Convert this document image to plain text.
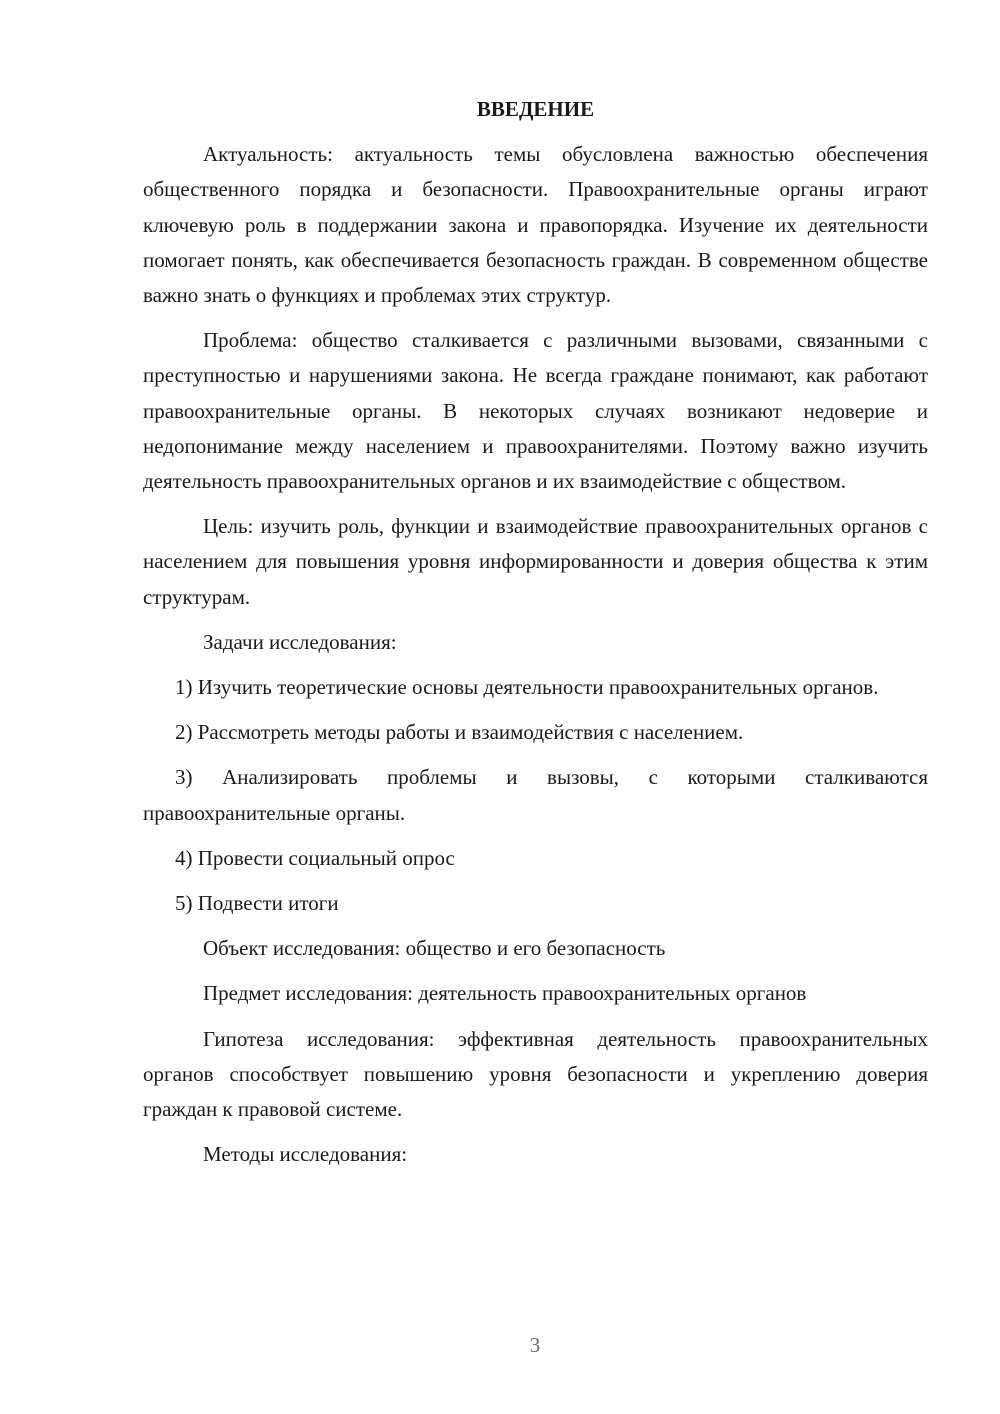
ВВЕДЕНИЕ

Актуальность: актуальность темы обусловлена важностью обеспечения общественного порядка и безопасности. Правоохранительные органы играют ключевую роль в поддержании закона и правопорядка. Изучение их деятельности помогает понять, как обеспечивается безопасность граждан. В современном обществе важно знать о функциях и проблемах этих структур.

Проблема: общество сталкивается с различными вызовами, связанными с преступностью и нарушениями закона. Не всегда граждане понимают, как работают правоохранительные органы. В некоторых случаях возникают недоверие и недопонимание между населением и правоохранителями. Поэтому важно изучить деятельность правоохранительных органов и их взаимодействие с обществом.

Цель: изучить роль, функции и взаимодействие правоохранительных органов с населением для повышения уровня информированности и доверия общества к этим структурам.

Задачи исследования:

1) Изучить теоретические основы деятельности правоохранительных органов.

2) Рассмотреть методы работы и взаимодействия с населением.

3) Анализировать проблемы и вызовы, с которыми сталкиваются правоохранительные органы.

4) Провести социальный опрос

5) Подвести итоги

Объект исследования: общество и его безопасность

Предмет исследования: деятельность правоохранительных органов

Гипотеза исследования: эффективная деятельность правоохранительных органов способствует повышению уровня безопасности и укреплению доверия граждан к правовой системе.

Методы исследования:

3
